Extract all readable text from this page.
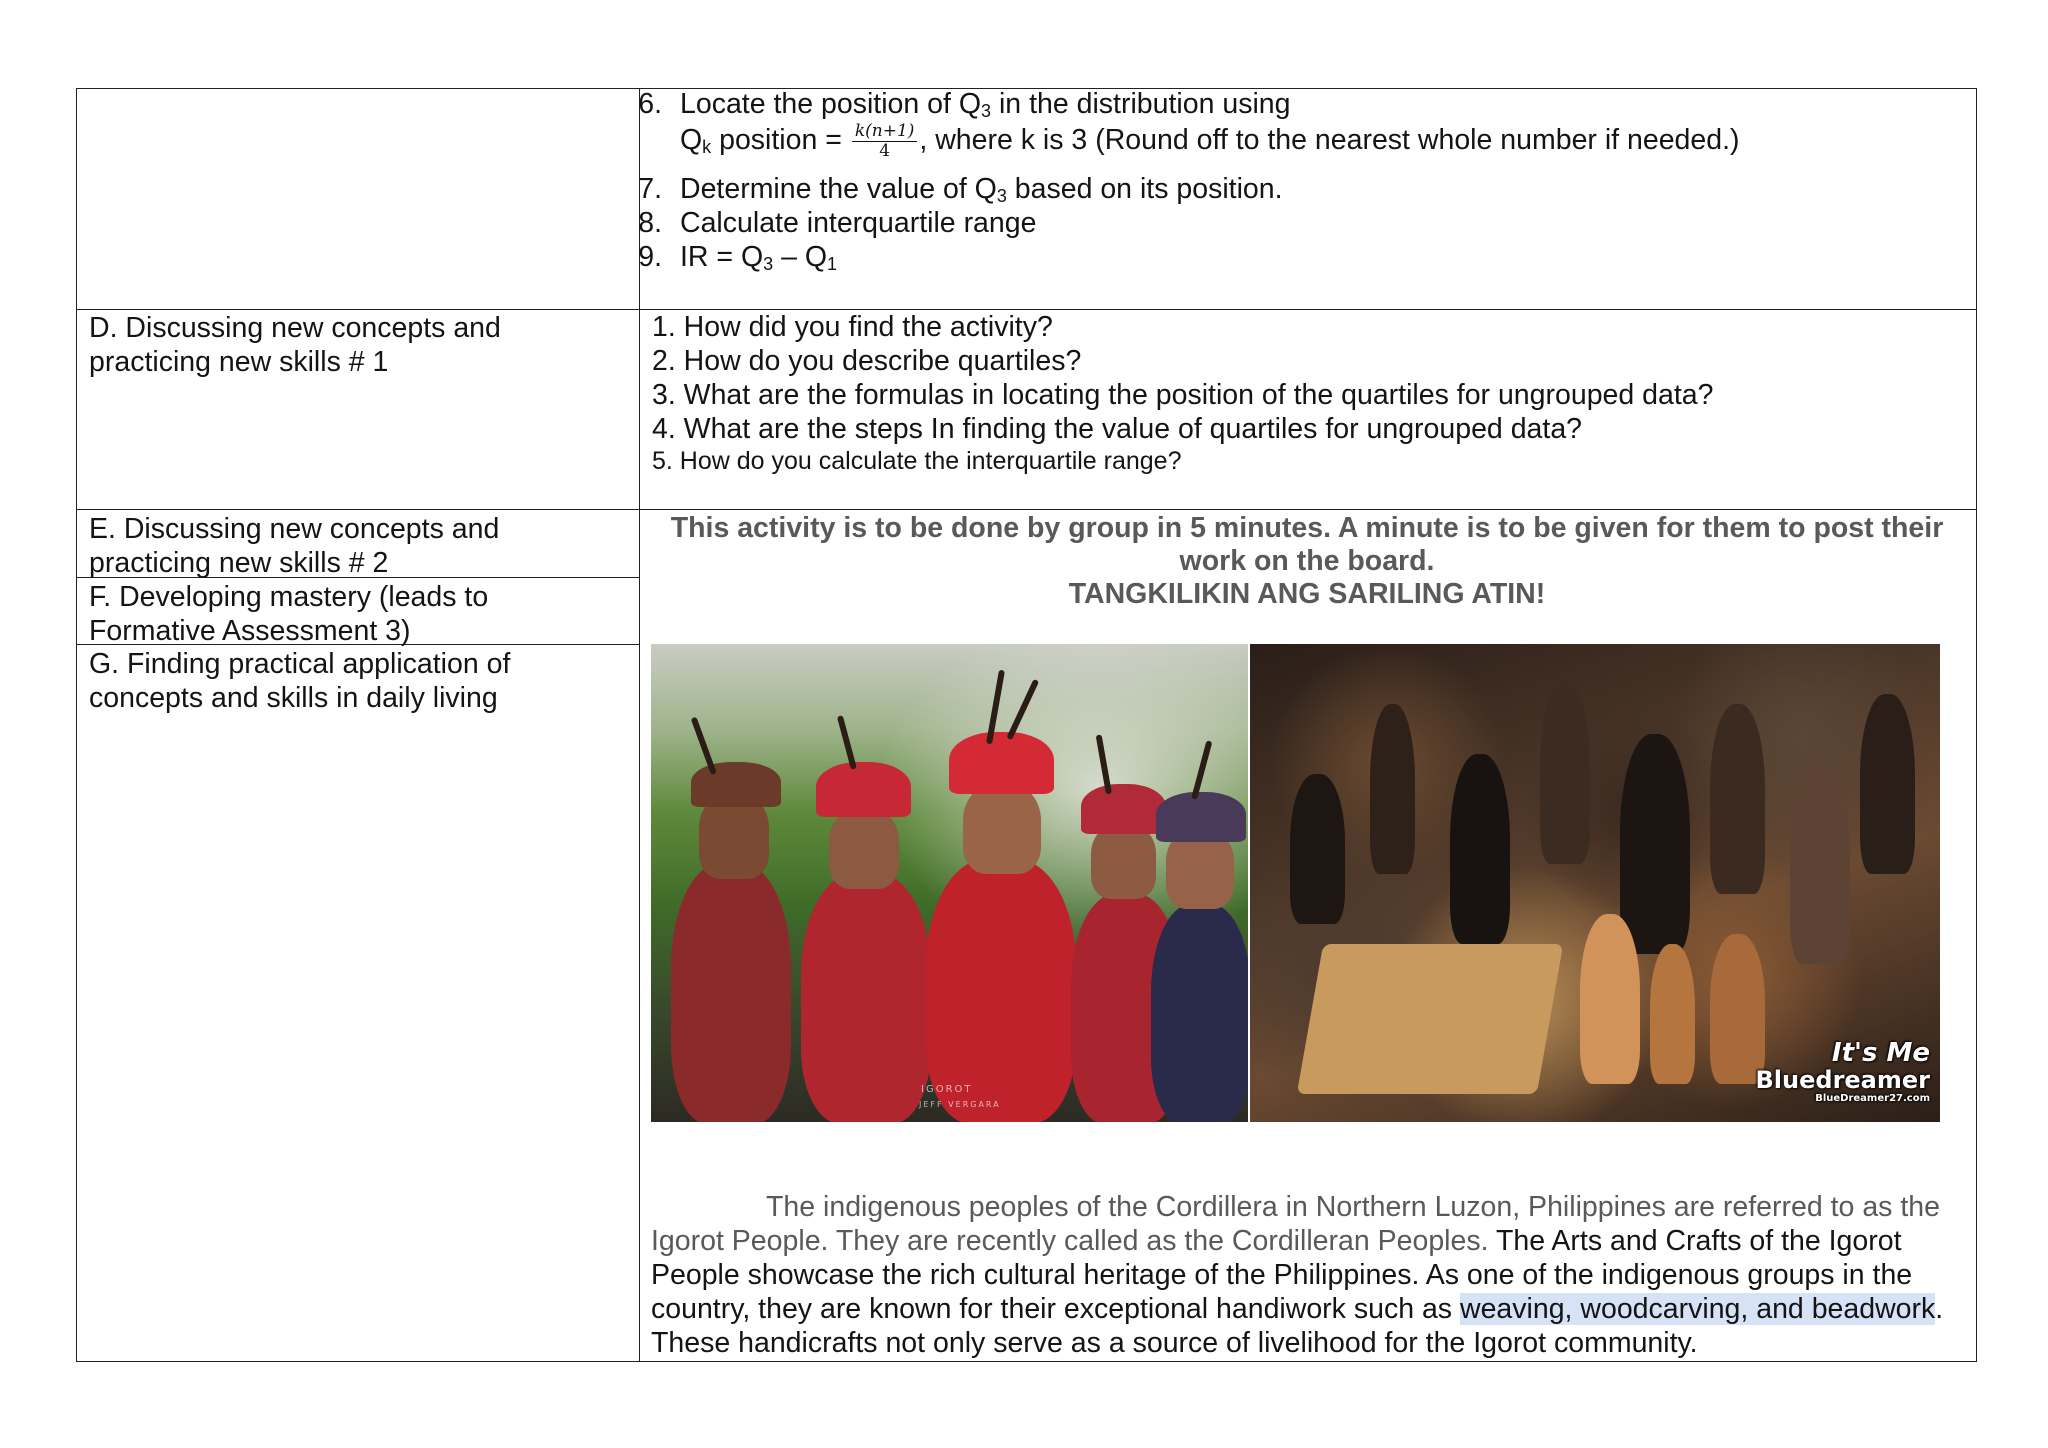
6. Locate the position of $Q_3$ in the distribution using
$Q_k$ position = $\frac{k(n+1)}{4}$ , where k is 3 (Round off to the nearest whole number if needed.)
7. Determine the value of $Q_3$ based on its position.
8. Calculate interquartile range
9. IR = $Q_3 - Q_1$
D. Discussing new concepts and
practicing new skills # 1
1. How did you find the activity?
2. How do you describe quartiles?
3. What are the formulas in locating the position of the quartiles for ungrouped data?
4. What are the steps In finding the value of quartiles for ungrouped data?
5. How do you calculate the interquartile range?
E. Discussing new concepts and
practicing new skills # 2
F. Developing mastery (leads to
Formative Assessment 3)
G. Finding practical application of
concepts and skills in daily living
This activity is to be done by group in 5 minutes. A minute is to be given for them to post their
work on the board.
TANGKILIKIN ANG SARILING ATIN!
IGOROT
JEFF VERGARA
It's Me
Bluedreamer
BlueDreamer27.com
The indigenous peoples of the Cordillera in Northern Luzon, Philippines are referred to as the
Igorot People. They are recently called as the Cordilleran Peoples. The Arts and Crafts of the Igorot
People showcase the rich cultural heritage of the Philippines. As one of the indigenous groups in the
country, they are known for their exceptional handiwork such as weaving, woodcarving, and beadwork.
These handicrafts not only serve as a source of livelihood for the Igorot community.
